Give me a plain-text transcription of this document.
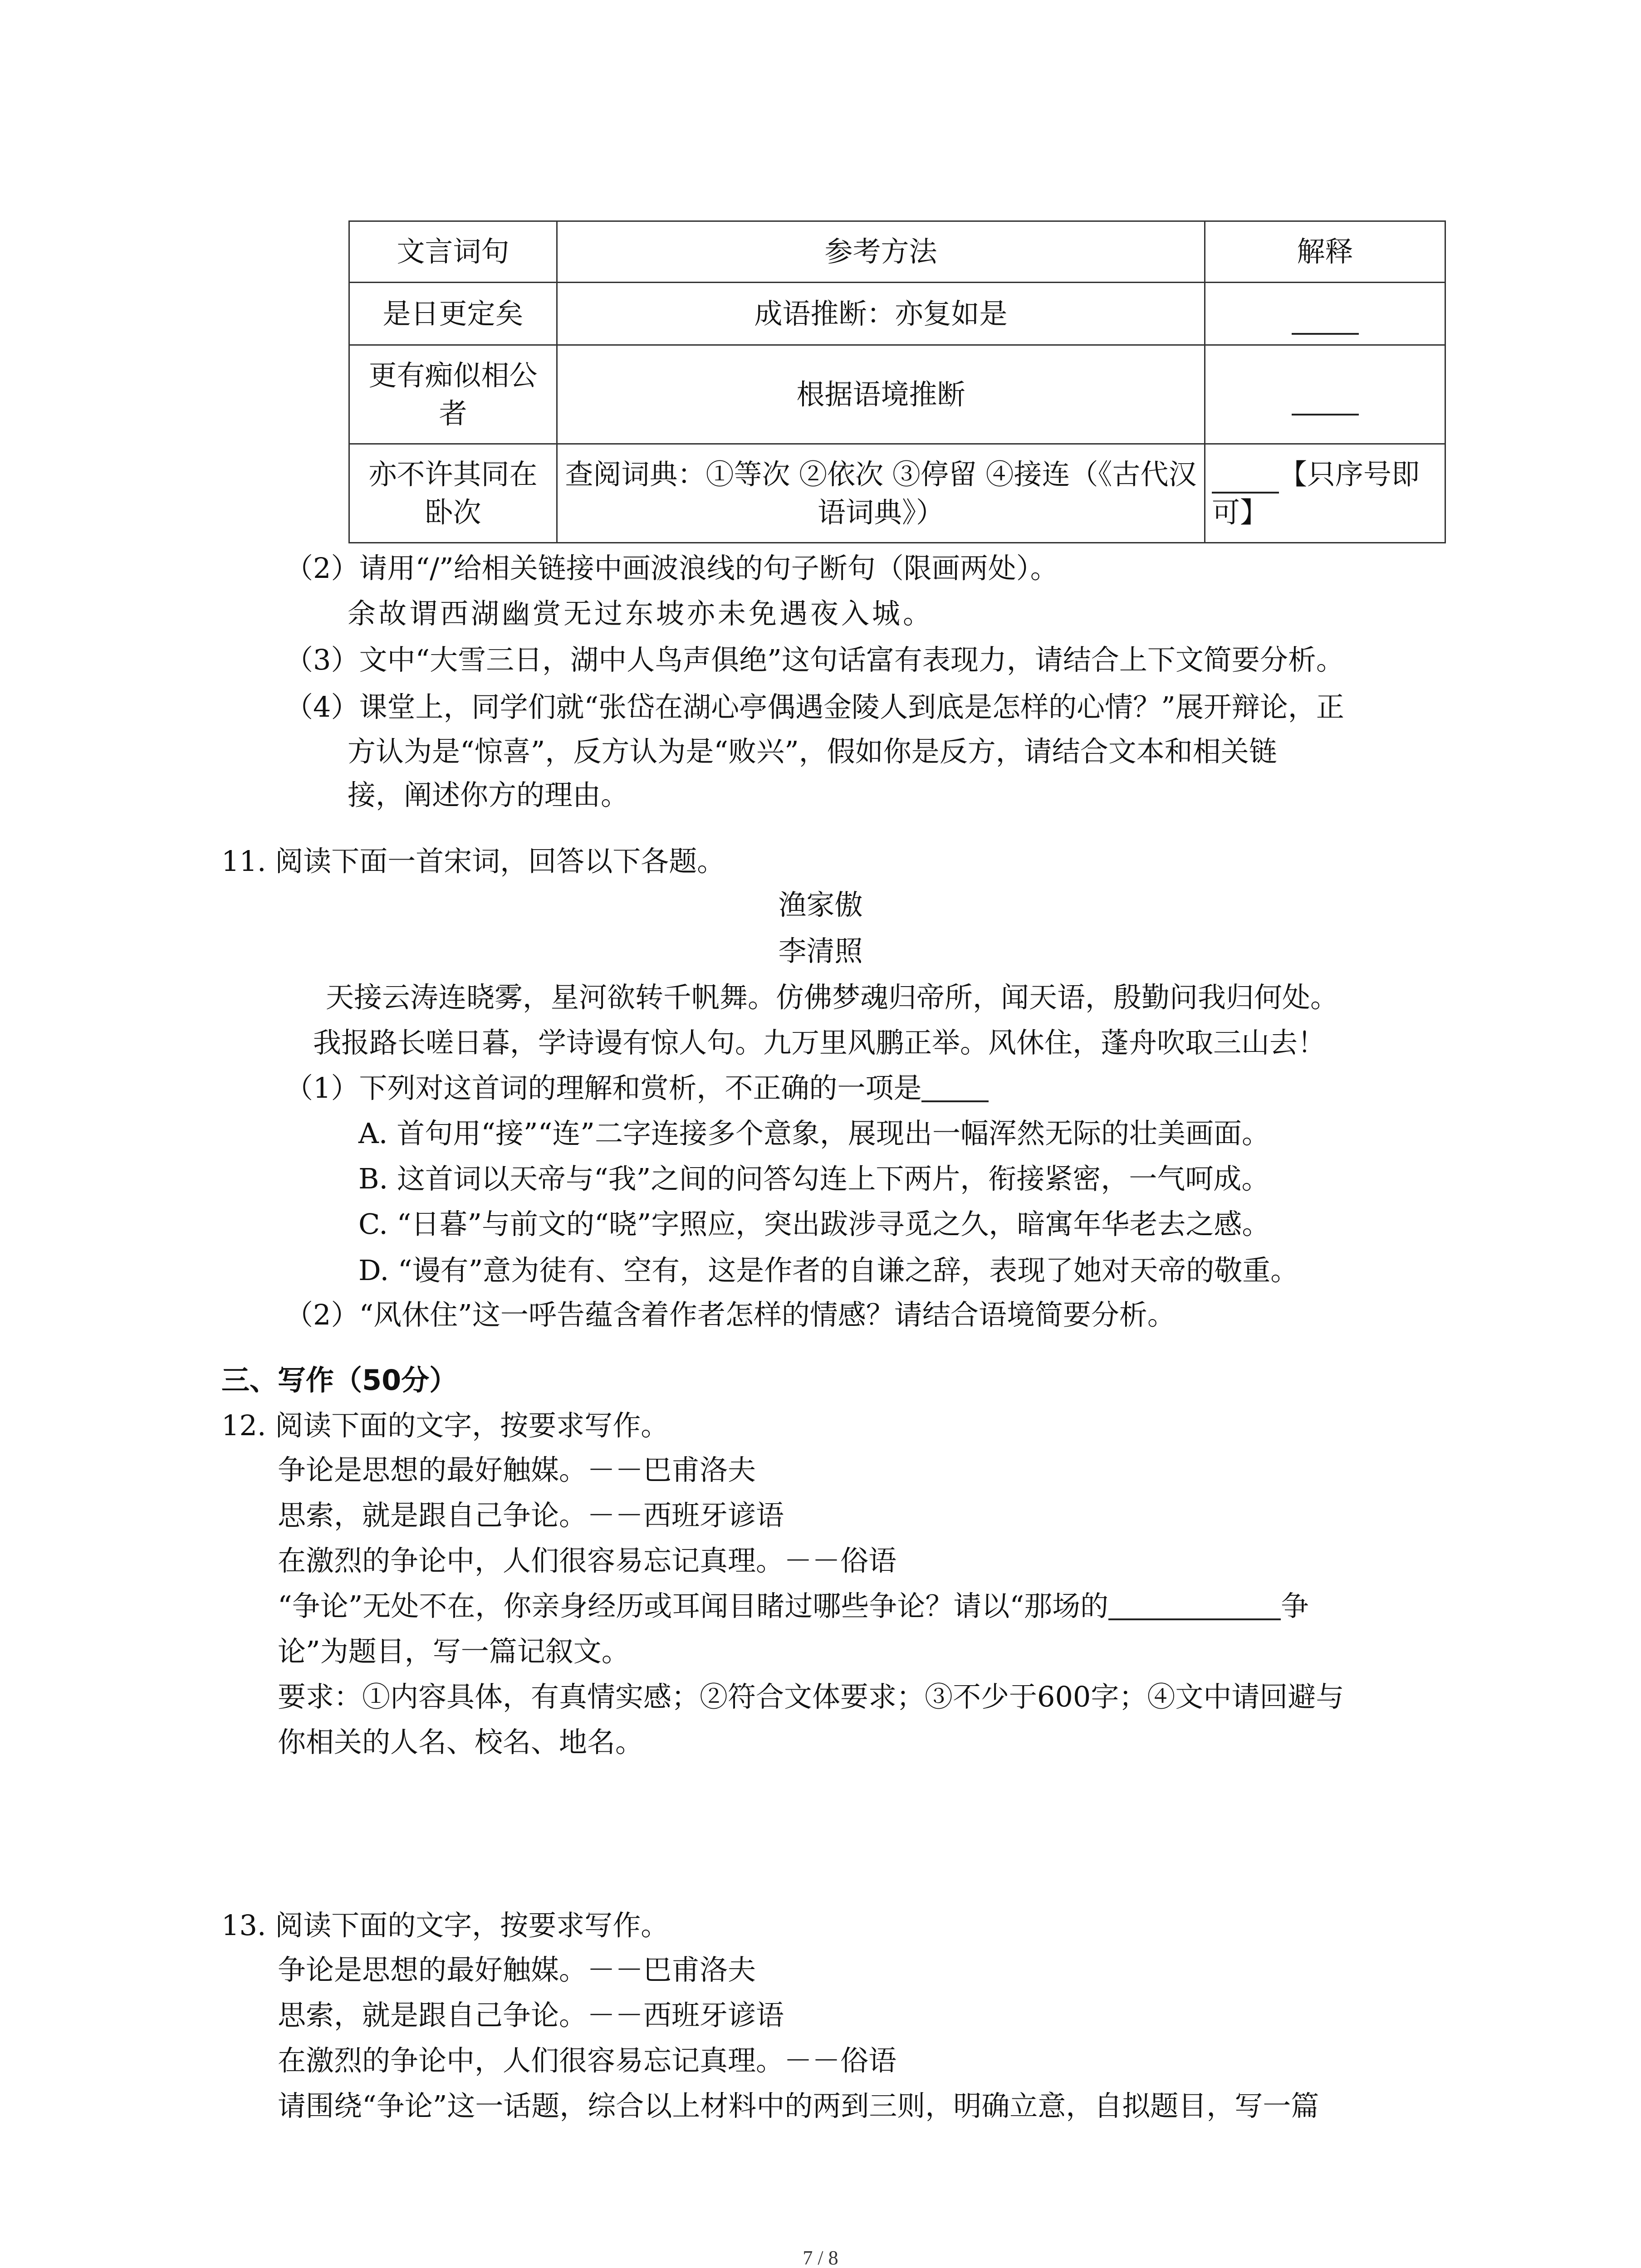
文言词句	参考方法	解释
是日更定矣	成语推断：亦复如是	
更有痴似相公者	根据语境推断	
亦不许其同在卧次	查阅词典：①等次 ②依次 ③停留 ④接连（《古代汉语词典》）	【只序号即可】
（2）请用“/”给相关链接中画波浪线的句子断句（限画两处）。
余故谓西湖幽赏无过东坡亦未免遇夜入城。
（3）文中“大雪三日，湖中人鸟声俱绝”这句话富有表现力，请结合上下文简要分析。
（4）课堂上，同学们就“张岱在湖心亭偶遇金陵人到底是怎样的心情？”展开辩论，正
方认为是“惊喜”，反方认为是“败兴”，假如你是反方，请结合文本和相关链
接，阐述你方的理由。
11. 阅读下面一首宋词，回答以下各题。
渔家傲
李清照
天接云涛连晓雾，星河欲转千帆舞。仿佛梦魂归帝所，闻天语，殷勤问我归何处。
我报路长嗟日暮，学诗谩有惊人句。九万里风鹏正举。风休住，蓬舟吹取三山去！
（1）下列对这首词的理解和赏析，不正确的一项是
A. 首句用“接”“连”二字连接多个意象，展现出一幅浑然无际的壮美画面。
B. 这首词以天帝与“我”之间的问答勾连上下两片，衔接紧密，一气呵成。
C. “日暮”与前文的“晓”字照应，突出跋涉寻觅之久，暗寓年华老去之感。
D. “谩有”意为徒有、空有，这是作者的自谦之辞，表现了她对天帝的敬重。
（2）“风休住”这一呼告蕴含着作者怎样的情感？请结合语境简要分析。
三、写作（50分）
12. 阅读下面的文字，按要求写作。
争论是思想的最好触媒。－－巴甫洛夫
思索，就是跟自己争论。－－西班牙谚语
在激烈的争论中，人们很容易忘记真理。－－俗语
“争论”无处不在，你亲身经历或耳闻目睹过哪些争论？请以“那场的	争
论”为题目，写一篇记叙文。
要求：①内容具体，有真情实感；②符合文体要求；③不少于600字；④文中请回避与
你相关的人名、校名、地名。
13. 阅读下面的文字，按要求写作。
争论是思想的最好触媒。－－巴甫洛夫
思索，就是跟自己争论。－－西班牙谚语
在激烈的争论中，人们很容易忘记真理。－－俗语
请围绕“争论”这一话题，综合以上材料中的两到三则，明确立意，自拟题目，写一篇
7 / 8
